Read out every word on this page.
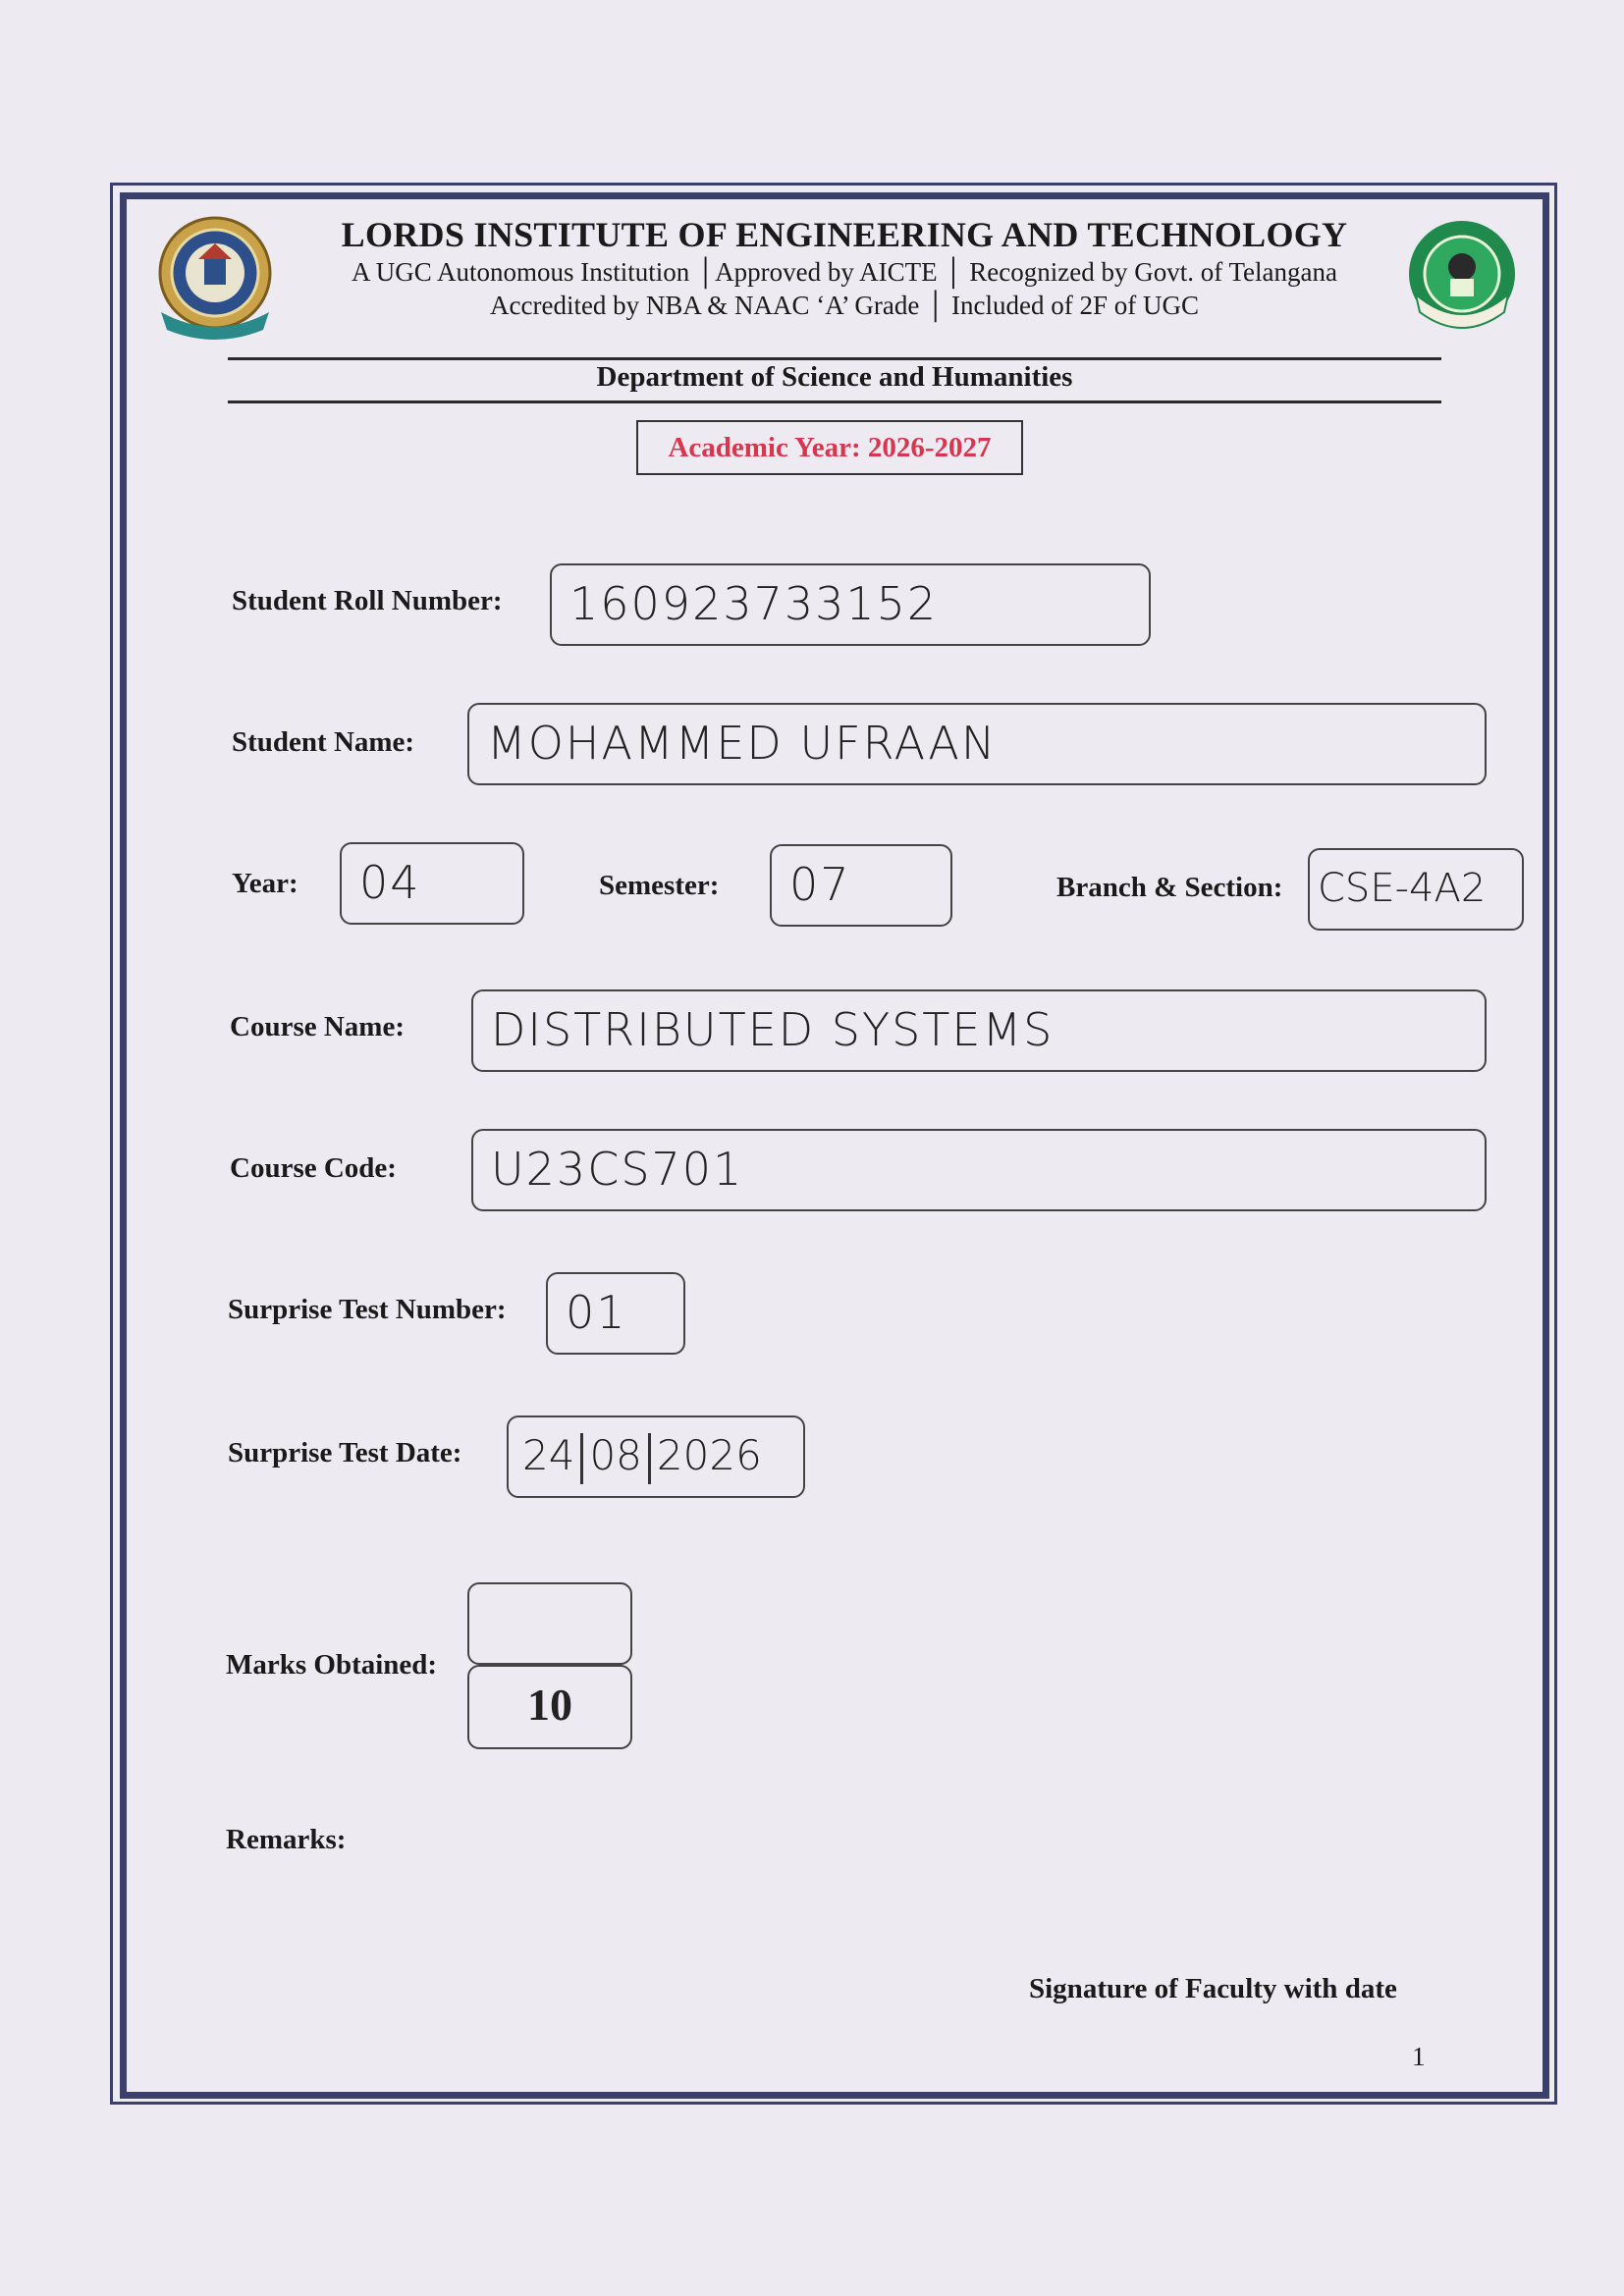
LORDS INSTITUTE OF ENGINEERING AND TECHNOLOGY
A UGC Autonomous Institution │Approved by AICTE │ Recognized by Govt. of Telangana
Accredited by NBA & NAAC ‘A’ Grade │ Included of 2F of UGC
Department of Science and Humanities
Academic Year: 2026-2027
Student Roll Number:	160923733152
Student Name:	MOHAMMED UFRAAN
Year:	04	Semester:	07	Branch & Section: CSE-4A2
Course Name:	DISTRIBUTED SYSTEMS
Course Code:	U23CS701
Surprise Test Number:	01
Surprise Test Date:	24 08 2026
Marks Obtained:
10
Remarks:
Signature of Faculty with date
1
